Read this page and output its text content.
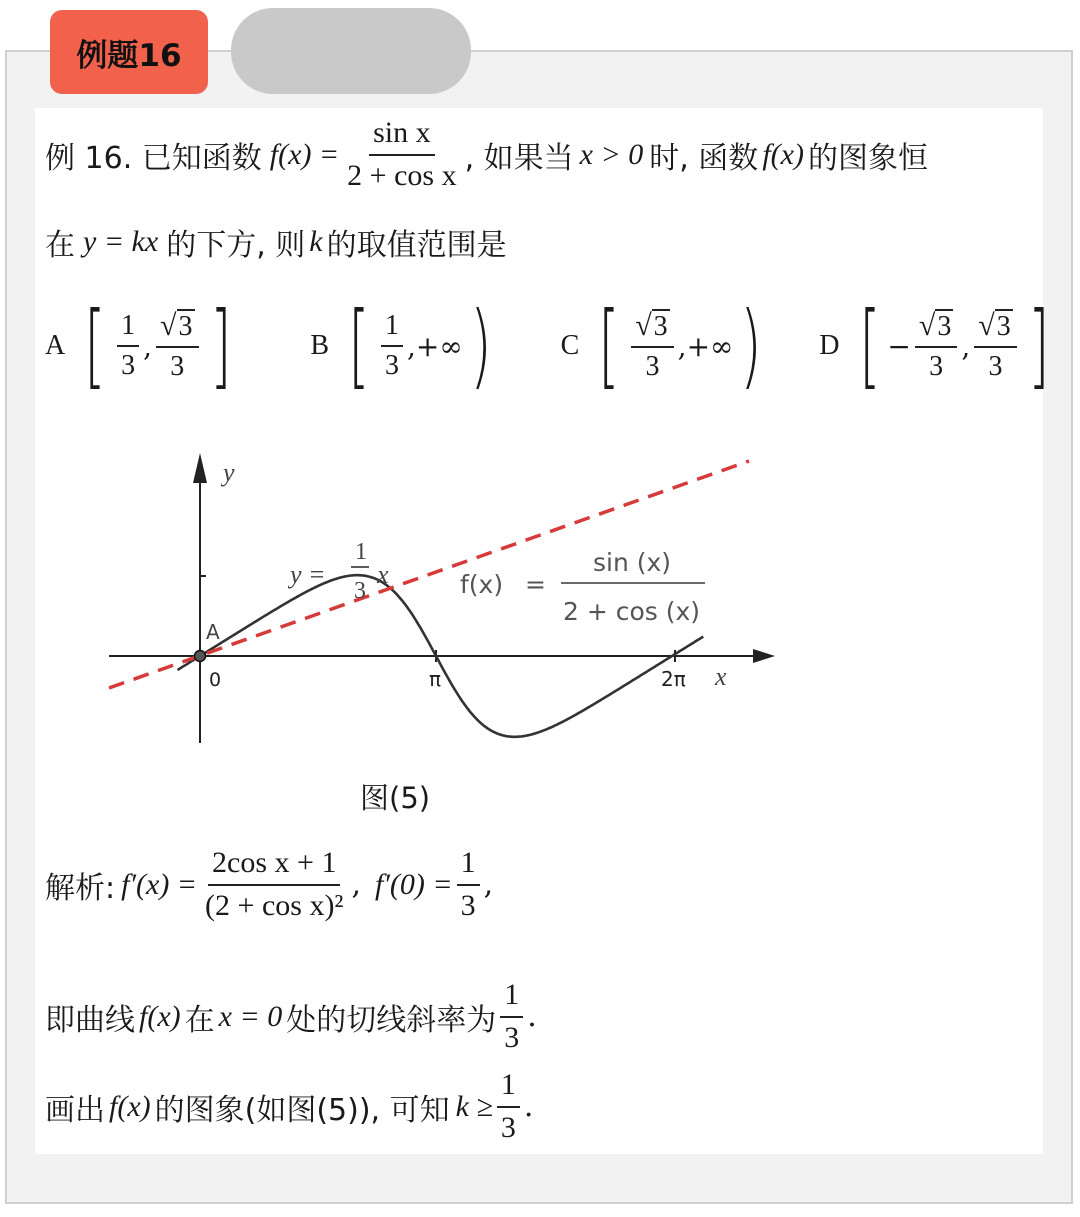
例题16
例 16. 已知函数 $f(x) = \frac{\text{sin x}}{\text{2 + cos x}}$ , 如果当 x > 0 时, 函数 f(x) 的图象恒
在 y = kx 的下方, 则 k 的取值范围是
A [ $\frac{1}{3}$ , $\frac{√ 3}{3}$ ]	B [ $\frac{1}{3}$ ,+∞ ) C [ $\frac{√ 3}{3}$ ,+∞ ) D [ − $\frac{√ 3}{3}$ , $\frac{√ 3}{3}$ ]
y
x
0
A
π	2π
y =
1
3
x	f(x) =
sin (x)
2 + cos (x)
图(5)
解析: $f'(x) = \frac{\text{2cos x + 1}}{\text{(2 + cos x)²}}$ , $f'(0) = \frac{1}{3}$ ,
即曲线 f(x) 在 x = 0 处的切线斜率为 $\frac{1}{3}$ .
画出 f(x) 的图象(如图(5)), 可知 $k \ge \frac{1}{3}$ .
